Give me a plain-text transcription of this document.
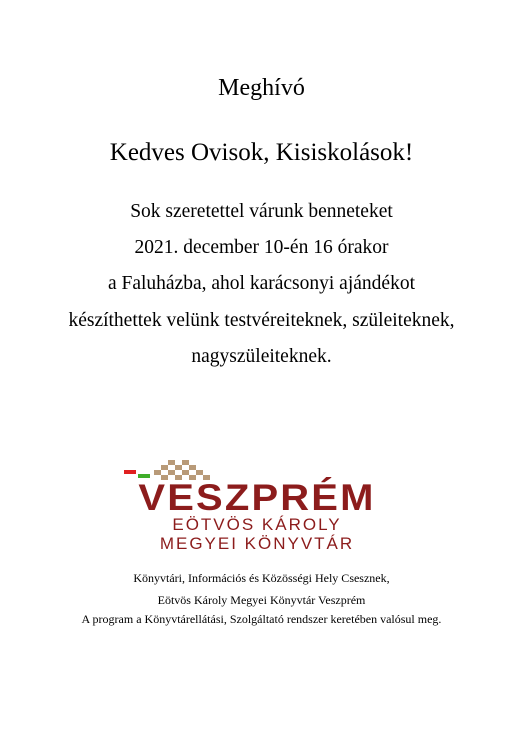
Meghívó
Kedves Ovisok, Kisiskolások!
Sok szeretettel várunk benneteket
2021. december 10-én 16 órakor
a Faluházba, ahol karácsonyi ajándékot
készíthettek velünk testvéreiteknek, szüleiteknek,
nagyszüleiteknek.
VESZPRÉM
EÖTVÖS KÁROLY
MEGYEI KÖNYVTÁR
Könyvtári, Információs és Közösségi Hely Csesznek,
Eötvös Károly Megyei Könyvtár Veszprém
A program a Könyvtárellátási, Szolgáltató rendszer keretében valósul meg.
